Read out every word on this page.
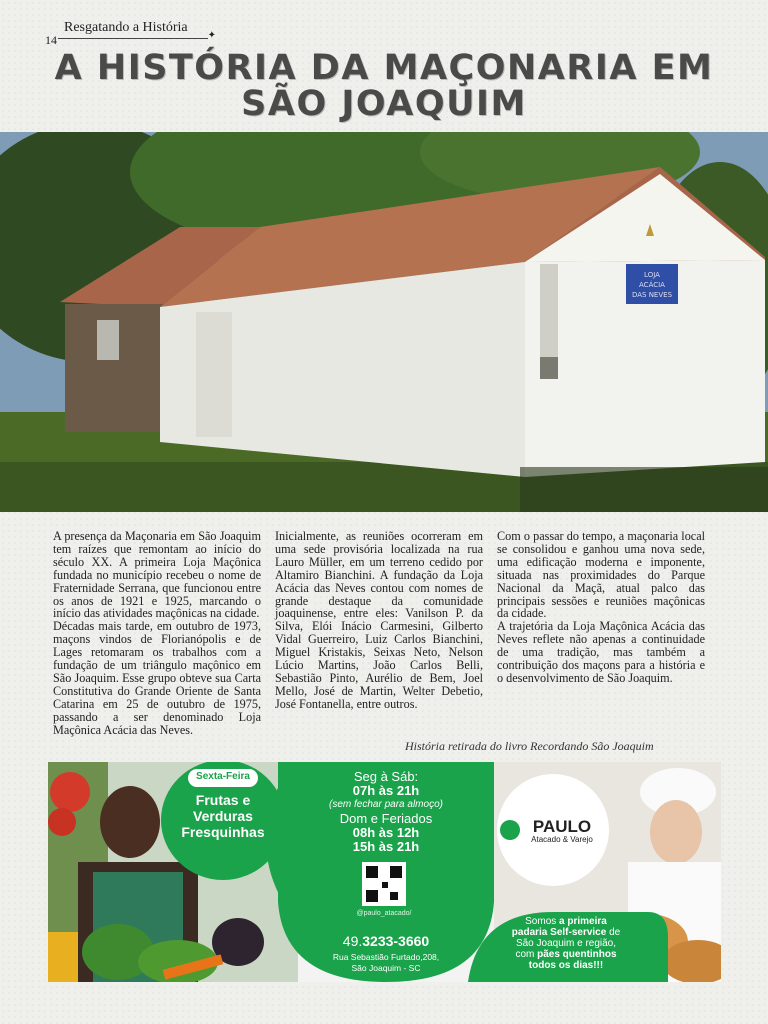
Resgatando a História
✦
14
A HISTÓRIA DA MAÇONARIA EM
SÃO JOAQUIM
LOJA
ACÁCIA
DAS NEVES

A presença da Maçonaria em São Joaquim tem raízes que remontam ao início do século XX. A primeira Loja Maçônica fundada no município recebeu o nome de Fraternidade Serrana, que funcionou entre os anos de 1921 e 1925, marcando o início das atividades maçônicas na cidade.

Décadas mais tarde, em outubro de 1973, maçons vindos de Florianópolis e de Lages retomaram os trabalhos com a fundação de um triângulo maçônico em São Joaquim. Esse grupo obteve sua Carta Constitutiva do Grande Oriente de Santa Catarina em 25 de outubro de 1975, passando a ser denominado Loja Maçônica Acácia das Neves.

Inicialmente, as reuniões ocorreram em uma sede provisória localizada na rua Lauro Müller, em um terreno cedido por Altamiro Bianchini. A fundação da Loja Acácia das Neves contou com nomes de grande destaque da comunidade joaquinense, entre eles: Vanilson P. da Silva, Elói Inácio Carmesini, Gilberto Vidal Guerreiro, Luiz Carlos Bianchini, Miguel Kristakis, Seixas Neto, Nelson Lúcio Martins, João Carlos Belli, Sebastião Pinto, Aurélio de Bem, Joel Mello, José de Martin, Welter Debetio, José Fontanella, entre outros.

Com o passar do tempo, a maçonaria local se consolidou e ganhou uma nova sede, uma edificação moderna e imponente, situada nas proximidades do Parque Nacional da Maçã, atual palco das principais sessões e reuniões maçônicas da cidade.

A trajetória da Loja Maçônica Acácia das Neves reflete não apenas a continuidade de uma tradição, mas também a contribuição dos maçons para a história e o desenvolvimento de São Joaquim.

História retirada do livro Recordando São Joaquim
Sexta-Feira
Frutas e
Verduras
Fresquinhas
Seg à Sáb:
07h às 21h
(sem fechar para almoço)
Dom e Feriados
08h às 12h
15h às 21h
@paulo_atacado/
49.3233-3660
Rua Sebastião Furtado,208,
São Joaquim - SC
PAULO
Atacado & Varejo
Somos a primeira
padaria Self-service de
São Joaquim e região,
com pães quentinhos
todos os dias!!!
